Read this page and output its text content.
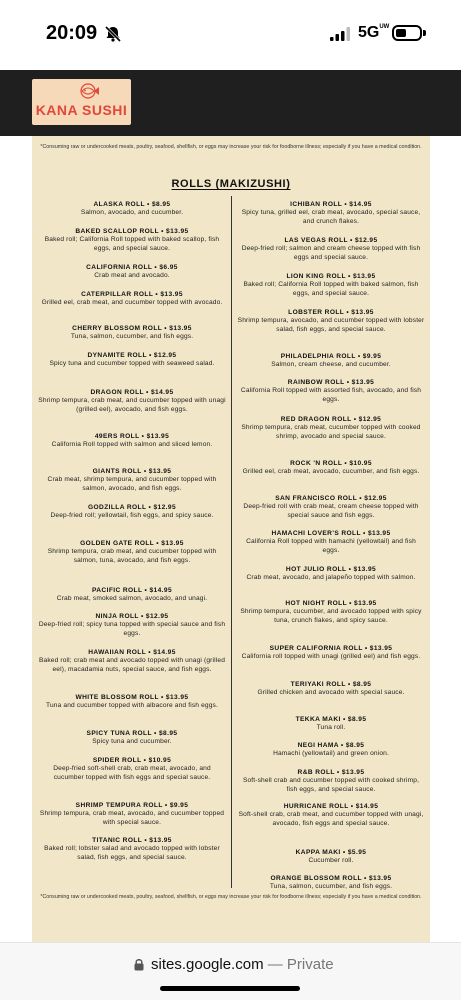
20:09	$5G^{UW}$
KANA SUSHI
*Consuming raw or undercooked meats, poultry, seafood, shellfish, or eggs may increase your risk for foodborne illness; especially if you have a medical condition.
ROLLS (MAKIZUSHI)
ALASKA ROLL • $8.95
Salmon, avocado, and cucumber.
BAKED SCALLOP ROLL • $13.95
Baked roll; California Roll topped with baked scallop, fish eggs, and special sauce.
CALIFORNIA ROLL • $6.95
Crab meat and avocado.
CATERPILLAR ROLL • $13.95
Grilled eel, crab meat, and cucumber topped with avocado.
CHERRY BLOSSOM ROLL • $13.95
Tuna, salmon, cucumber, and fish eggs.
DYNAMITE ROLL • $12.95
Spicy tuna and cucumber topped with seaweed salad.
DRAGON ROLL • $14.95
Shrimp tempura, crab meat, and cucumber topped with unagi (grilled eel), avocado, and fish eggs.
49ERS ROLL • $13.95
California Roll topped with salmon and sliced lemon.
GIANTS ROLL • $13.95
Crab meat, shrimp tempura, and cucumber topped with salmon, avocado, and fish eggs.
GODZILLA ROLL • $12.95
Deep-fried roll; yellowtail, fish eggs, and spicy sauce.
GOLDEN GATE ROLL • $13.95
Shrimp tempura, crab meat, and cucumber topped with salmon, tuna, avocado, and fish eggs.
PACIFIC ROLL • $14.95
Crab meat, smoked salmon, avocado, and unagi.
NINJA ROLL • $12.95
Deep-fried roll; spicy tuna topped with special sauce and fish eggs.
HAWAIIAN ROLL • $14.95
Baked roll; crab meat and avocado topped with unagi (grilled eel), macadamia nuts, special sauce, and fish eggs.
WHITE BLOSSOM ROLL • $13.95
Tuna and cucumber topped with albacore and fish eggs.
SPICY TUNA ROLL • $8.95
Spicy tuna and cucumber.
SPIDER ROLL • $10.95
Deep-fried soft-shell crab, crab meat, avocado, and cucumber topped with fish eggs and special sauce.
SHRIMP TEMPURA ROLL • $9.95
Shrimp tempura, crab meat, avocado, and cucumber topped with special sauce.
TITANIC ROLL • $13.95
Baked roll; lobster salad and avocado topped with lobster salad, fish eggs, and special sauce.
ICHIBAN ROLL • $14.95
Spicy tuna, grilled eel, crab meat, avocado, special sauce, and crunch flakes.
LAS VEGAS ROLL • $12.95
Deep-fried roll; salmon and cream cheese topped with fish eggs and special sauce.
LION KING ROLL • $13.95
Baked roll; California Roll topped with baked salmon, fish eggs, and special sauce.
LOBSTER ROLL • $13.95
Shrimp tempura, avocado, and cucumber topped with lobster salad, fish eggs, and special sauce.
PHILADELPHIA ROLL • $9.95
Salmon, cream cheese, and cucumber.
RAINBOW ROLL • $13.95
California Roll topped with assorted fish, avocado, and fish eggs.
RED DRAGON ROLL • $12.95
Shrimp tempura, crab meat, cucumber topped with cooked shrimp, avocado and special sauce.
ROCK 'N ROLL • $10.95
Grilled eel, crab meat, avocado, cucumber, and fish eggs.
SAN FRANCISCO ROLL • $12.95
Deep-fried roll with crab meat, cream cheese topped with special sauce and fish eggs.
HAMACHI LOVER'S ROLL • $13.95
California Roll topped with hamachi (yellowtail) and fish eggs.
HOT JULIO ROLL • $13.95
Crab meat, avocado, and jalapeño topped with salmon.
HOT NIGHT ROLL • $13.95
Shrimp tempura, cucumber, and avocado topped with spicy tuna, crunch flakes, and spicy sauce.
SUPER CALIFORNIA ROLL • $13.95
California roll topped with unagi (grilled eel) and fish eggs.
TERIYAKI ROLL • $8.95
Grilled chicken and avocado with special sauce.
TEKKA MAKI • $8.95
Tuna roll.
NEGI HAMA • $8.95
Hamachi (yellowtail) and green onion.
R&B ROLL • $13.95
Soft-shell crab and cucumber topped with cooked shrimp, fish eggs, and special sauce.
HURRICANE ROLL • $14.95
Soft-shell crab, crab meat, and cucumber topped with unagi, avocado, fish eggs and special sauce.
KAPPA MAKI • $5.95
Cucumber roll.
ORANGE BLOSSOM ROLL • $13.95
Tuna, salmon, cucumber, and fish eggs.
*Consuming raw or undercooked meats, poultry, seafood, shellfish, or eggs may increase your risk for foodborne illness; especially if you have a medical condition.
sites.google.com — Private
